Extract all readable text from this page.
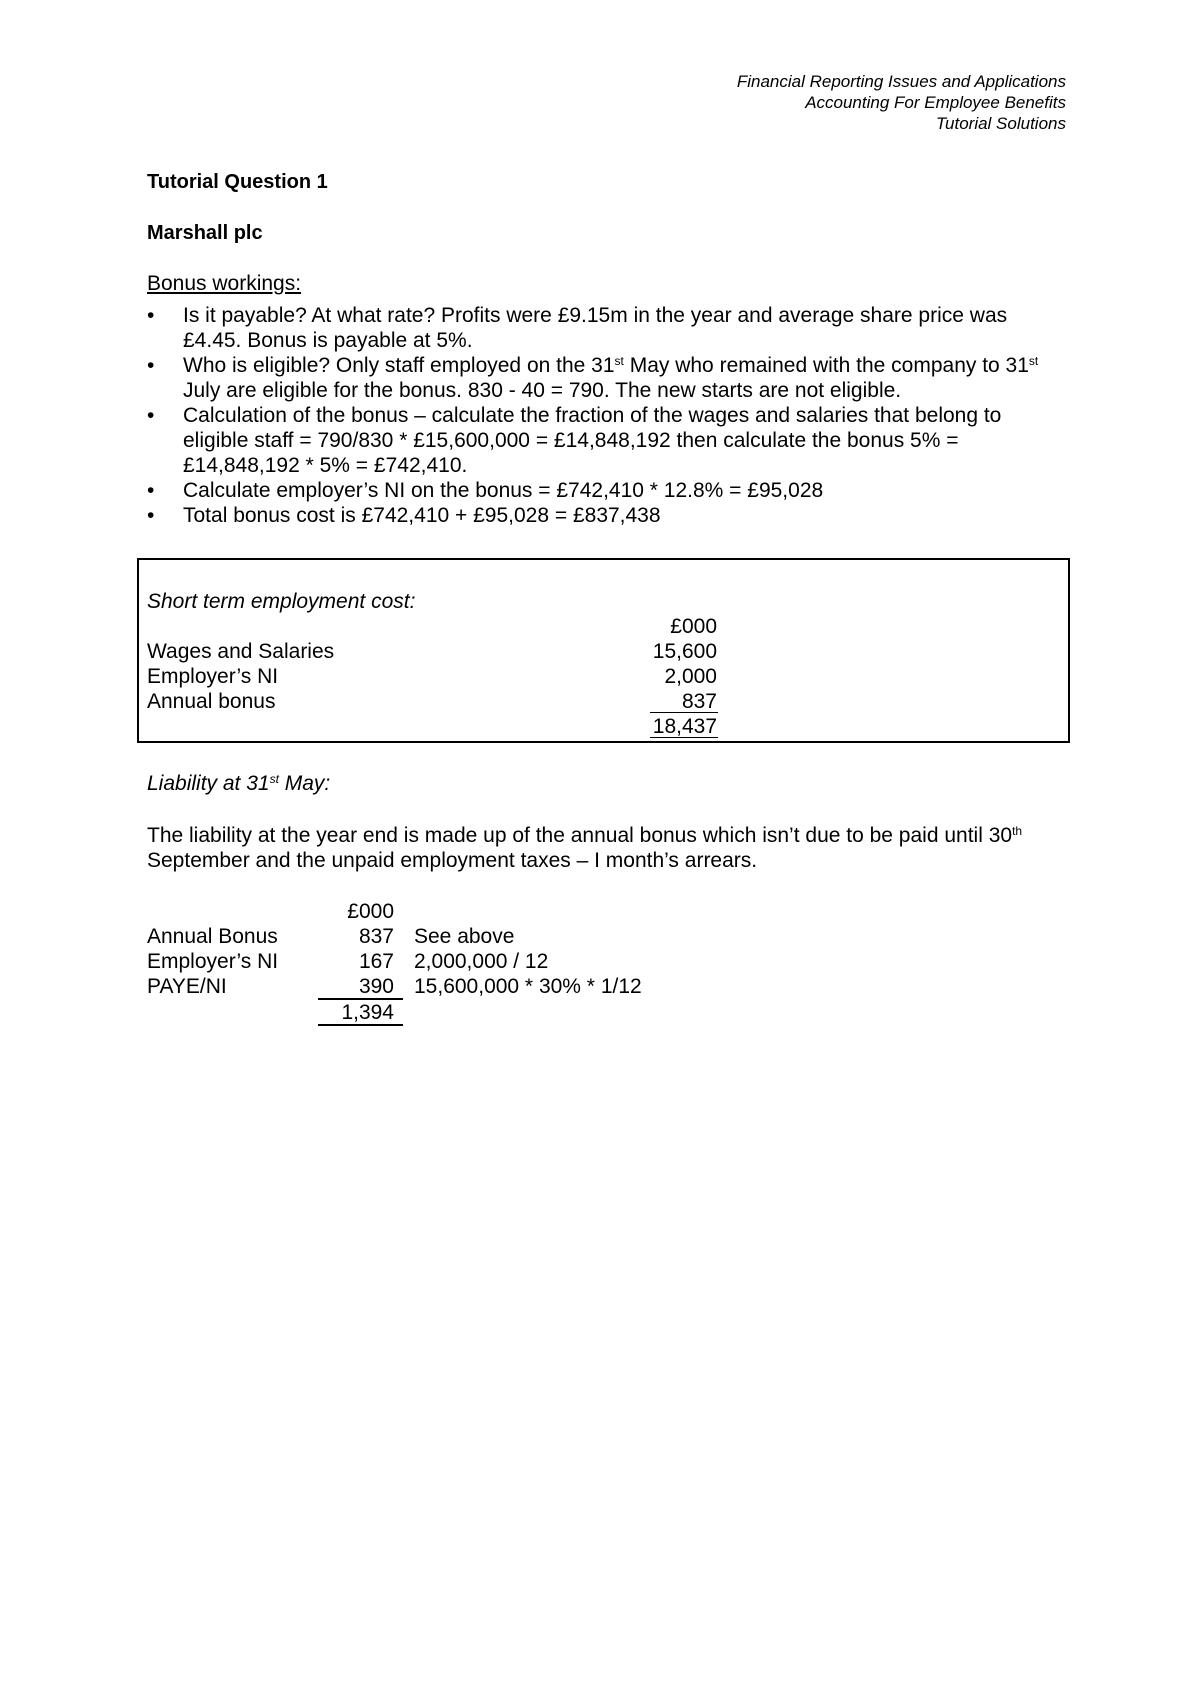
Financial Reporting Issues and Applications
Accounting For Employee Benefits
Tutorial Solutions
Tutorial Question 1
Marshall plc
Bonus workings:
• Is it payable? At what rate? Profits were £9.15m in the year and average share price was £4.45. Bonus is payable at 5%.
• Who is eligible? Only staff employed on the 31st May who remained with the company to 31st July are eligible for the bonus. 830 - 40 = 790. The new starts are not eligible.
• Calculation of the bonus – calculate the fraction of the wages and salaries that belong to eligible staff = 790/830 * £15,600,000 = £14,848,192 then calculate the bonus 5% = £14,848,192 * 5% = £742,410.
• Calculate employer’s NI on the bonus = £742,410 * 12.8% = £95,028
• Total bonus cost is £742,410 + £95,028 = £837,438
Short term employment cost:
£000
Wages and Salaries	15,600
Employer’s NI	2,000
Annual bonus	837
18,437
Liability at 31st May:
The liability at the year end is made up of the annual bonus which isn’t due to be paid until 30th September and the unpaid employment taxes – I month’s arrears.
£000
Annual Bonus	837 See above
Employer’s NI	167 2,000,000 / 12
PAYE/NI	390 15,600,000 * 30% * 1/12
1,394
